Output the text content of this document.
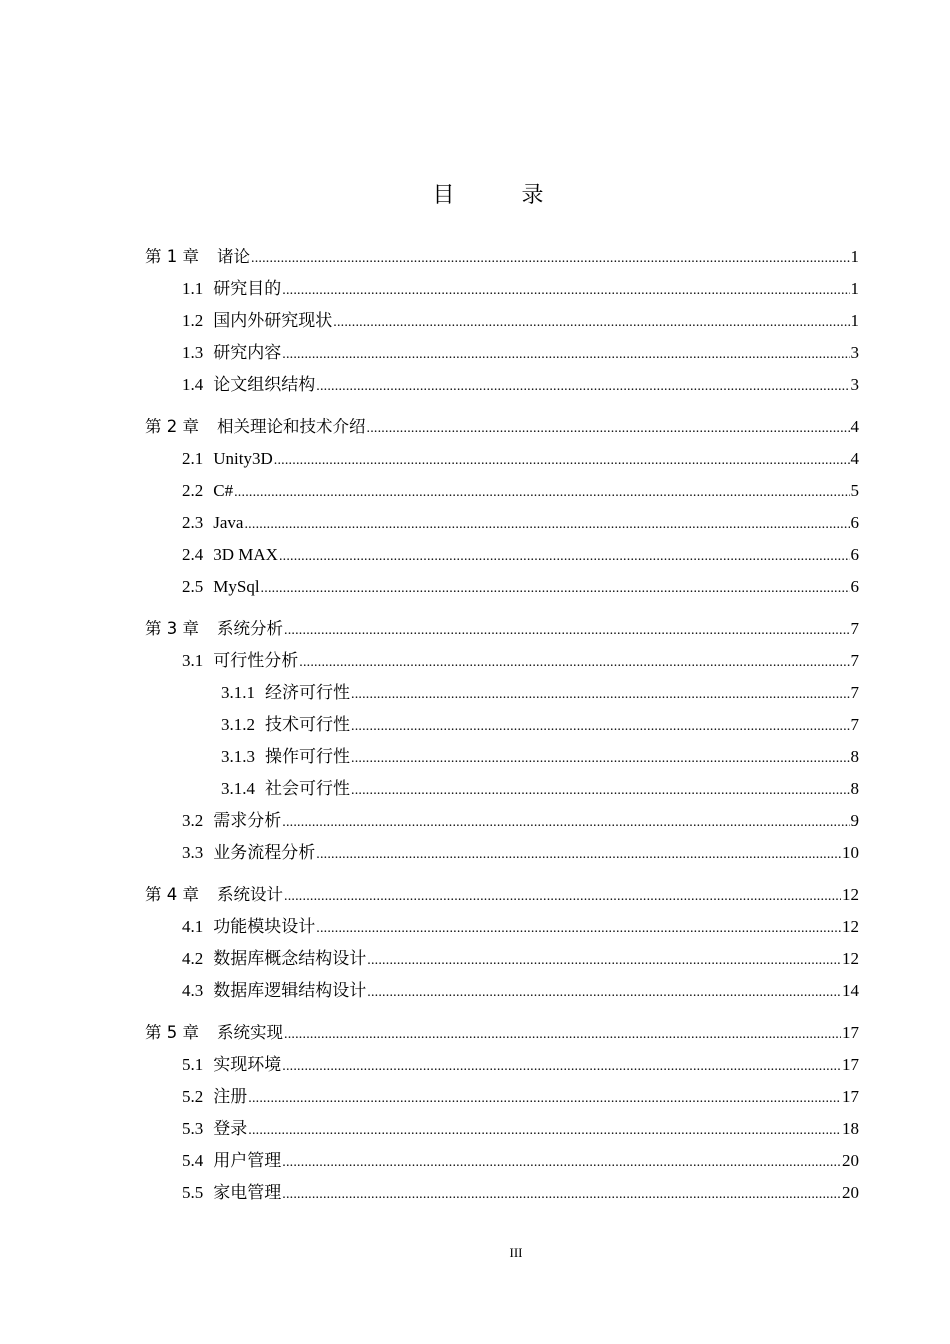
目 录
第 1 章 诸论 .....	1
1.1 研究目的 .....	1
1.2 国内外研究现状 .....	1
1.3 研究内容 .....	3
1.4 论文组织结构 .....	3
第 2 章 相关理论和技术介绍 .....	4
2.1 Unity3D .....	4
2.2 C# .....	5
2.3 Java .....	6
2.4 3D MAX .....	6
2.5 MySql .....	6
第 3 章 系统分析 .....	7
3.1 可行性分析 .....	7
3.1.1 经济可行性 .....	7
3.1.2 技术可行性 .....	7
3.1.3 操作可行性 .....	8
3.1.4 社会可行性 .....	8
3.2 需求分析 .....	9
3.3 业务流程分析 .....	10
第 4 章 系统设计 .....	12
4.1 功能模块设计 .....	12
4.2 数据库概念结构设计 .....	12
4.3 数据库逻辑结构设计 .....	14
第 5 章 系统实现 .....	17
5.1 实现环境 .....	17
5.2 注册 .....	17
5.3 登录 .....	18
5.4 用户管理 .....	20
5.5 家电管理 .....	20
III
